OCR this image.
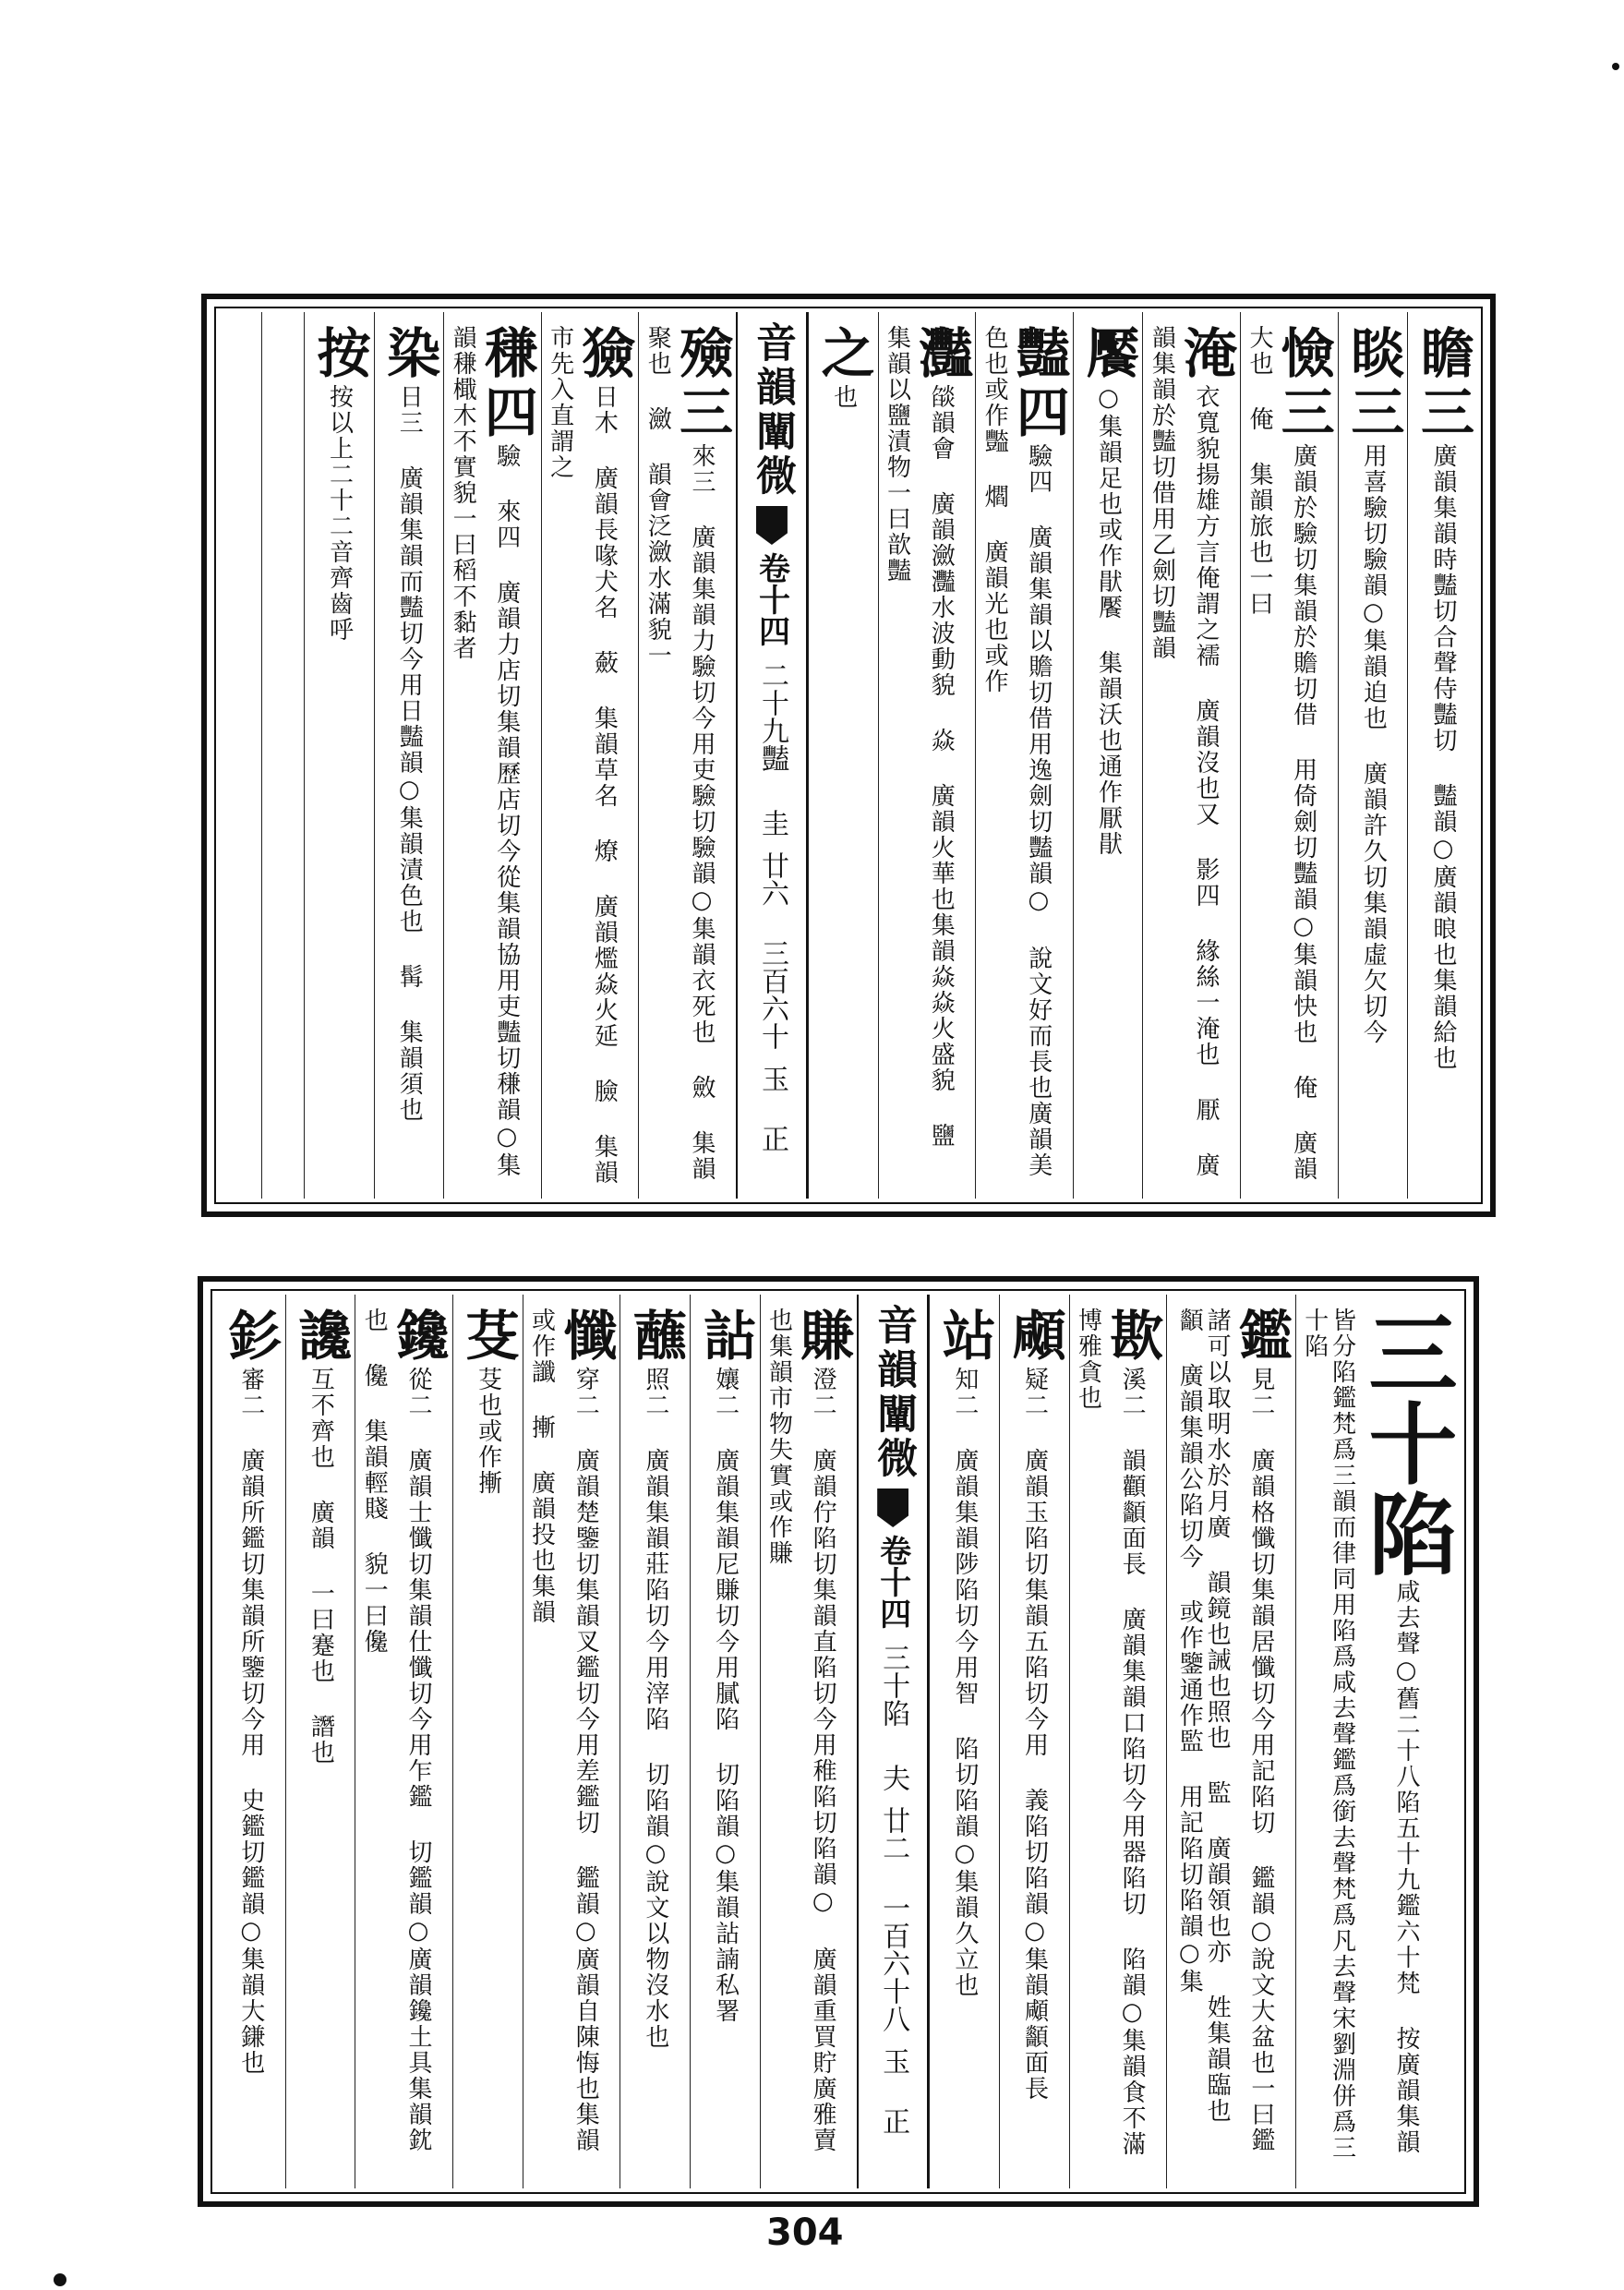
瞻三廣韻集韻時豔切合聲侍豔切 豔韻○廣韻㫰也集韻給也
睒三用喜驗切驗韻○集韻迫也 廣韻許久切集韻虛欠切今
憸三廣韻於驗切集韻於贍切借 用倚劍切豔韻○集韻快也 俺 廣韻大也 俺 集韻旅也一曰
淹衣寬貌揚雄方言俺謂之襦 廣韻沒也又 影四 緣絲一淹也 厭 廣韻集韻於豔切借用乙劍切豔韻
饜○集韻足也或作猒饜 集韻沃也通作厭猒
豔四驗四 廣韻集韻以贍切借用逸劍切豔韻○ 說文好而長也廣韻美色也或作豓 爓 廣韻光也或作
灩燄韻會 廣韻瀲灩水波動貌 焱 廣韻火華也集韻焱焱火盛貌 鹽 集韻以鹽漬物一曰歆豔
之也
音韻闡微
卷十四
二十九豔
圭
廿六 三百六十
玉 正
殮三來三 廣韻集韻力驗切今用吏驗切驗韻○集韻衣死也 斂 集韻聚也 瀲 韻會泛瀲水滿貌一
獫日木 廣韻長喙犬名 蘞 集韻草名 燎 廣韻爁焱火延 臉 集韻市先入直謂之
稴四驗 來四 廣韻力店切集韻歷店切今從集韻協用吏豔切稴韻○集韻稴檝木不實貌一曰稻不黏者
染日三 廣韻集韻而豔切今用日豔韻○集韻漬色也 髯 集韻須也
按按以上二十二音齊齒呼
三十陷咸去聲○舊二十八陷五十九鑑六十梵 按廣韻集韻皆分陷鑑梵爲三韻而律同用陷爲咸去聲鑑爲銜去聲梵爲凡去聲宋劉淵併爲三十陷
鑑見二 廣韻格懺切集韻居懺切今用記陷切 鑑韻○說文大盆也一曰鑑諸可以取明水於月廣 韻鏡也誡也照也 監 廣韻領也亦 姓集韻臨也 顲 廣韻集韻公陷切今 或作鑒通作監 用記陷切陷韻○集
歁溪二 韻顴顲面長 廣韻集韻口陷切今用器陷切 陷韻○集韻食不滿博雅貪也
顑疑二 廣韻玉陷切集韻五陷切今用 義陷切陷韻○集韻顑顲面長
站知二 廣韻集韻陟陷切今用智 陷切陷韻○集韻久立也
音韻闡微
卷十四
三十陷
夫
廿二 一百六十八
玉 正
賺澄二 廣韻佇陷切集韻直陷切今用稚陷切陷韻○ 廣韻重買貯廣雅賣也集韻市物失實或作賺
詀孃二 廣韻集韻尼賺切今用膩陷 切陷韻○集韻詀諵私署
蘸照二 廣韻集韻莊陷切今用滓陷 切陷韻○說文以物沒水也
懺穿二 廣韻楚鑒切集韻叉鑑切今用差鑑切 鑑韻○廣韻自陳悔也集韻或作讖 摲 廣韻投也集韻
芟芟也或作摲
鑱從二 廣韻士懺切集韻仕懺切今用乍鑑 切鑑韻○廣韻鑱土具集韻鈂也 儳 集韻輕賤 貌一曰儳
讒互不齊也 廣韻 一曰蹇也 譖也
釤審二 廣韻所鑑切集韻所鑒切今用 史鑑切鑑韻○集韻大鎌也
304
